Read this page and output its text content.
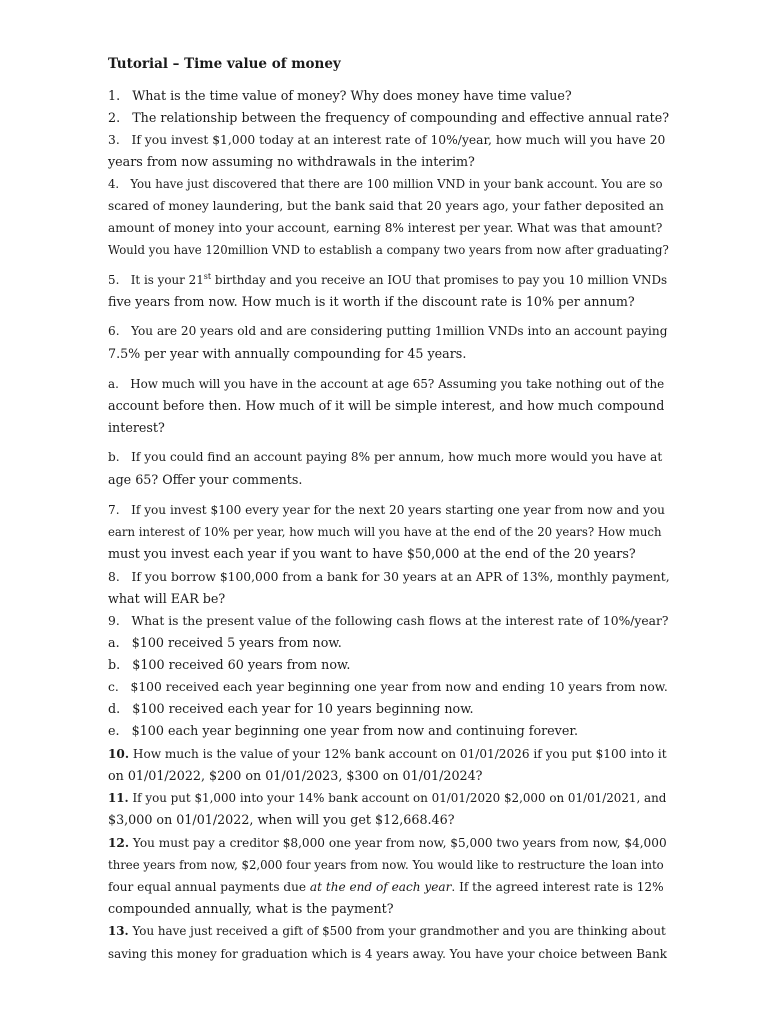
Tutorial – Time value of money
1. What is the time value of money? Why does money have time value?
2. The relationship between the frequency of compounding and effective annual rate?
3. If you invest $1,000 today at an interest rate of 10%/year, how much will you have 20
years from now assuming no withdrawals in the interim?
4. You have just discovered that there are 100 million VND in your bank account. You are so
scared of money laundering, but the bank said that 20 years ago, your father deposited an
amount of money into your account, earning 8% interest per year. What was that amount?
Would you have 120million VND to establish a company two years from now after graduating?
5. It is your 21st birthday and you receive an IOU that promises to pay you 10 million VNDs
five years from now. How much is it worth if the discount rate is 10% per annum?
6. You are 20 years old and are considering putting 1million VNDs into an account paying
7.5% per year with annually compounding for 45 years.
a. How much will you have in the account at age 65? Assuming you take nothing out of the
account before then. How much of it will be simple interest, and how much compound
interest?
b. If you could find an account paying 8% per annum, how much more would you have at
age 65? Offer your comments.
7. If you invest $100 every year for the next 20 years starting one year from now and you
earn interest of 10% per year, how much will you have at the end of the 20 years? How much
must you invest each year if you want to have $50,000 at the end of the 20 years?
8. If you borrow $100,000 from a bank for 30 years at an APR of 13%, monthly payment,
what will EAR be?
9. What is the present value of the following cash flows at the interest rate of 10%/year?
a. $100 received 5 years from now.
b. $100 received 60 years from now.
c. $100 received each year beginning one year from now and ending 10 years from now.
d. $100 received each year for 10 years beginning now.
e. $100 each year beginning one year from now and continuing forever.
10. How much is the value of your 12% bank account on 01/01/2026 if you put $100 into it
on 01/01/2022, $200 on 01/01/2023, $300 on 01/01/2024?
11. If you put $1,000 into your 14% bank account on 01/01/2020 $2,000 on 01/01/2021, and
$3,000 on 01/01/2022, when will you get $12,668.46?
12. You must pay a creditor $8,000 one year from now, $5,000 two years from now, $4,000
three years from now, $2,000 four years from now. You would like to restructure the loan into
four equal annual payments due at the end of each year. If the agreed interest rate is 12%
compounded annually, what is the payment?
13. You have just received a gift of $500 from your grandmother and you are thinking about
saving this money for graduation which is 4 years away. You have your choice between Bank
